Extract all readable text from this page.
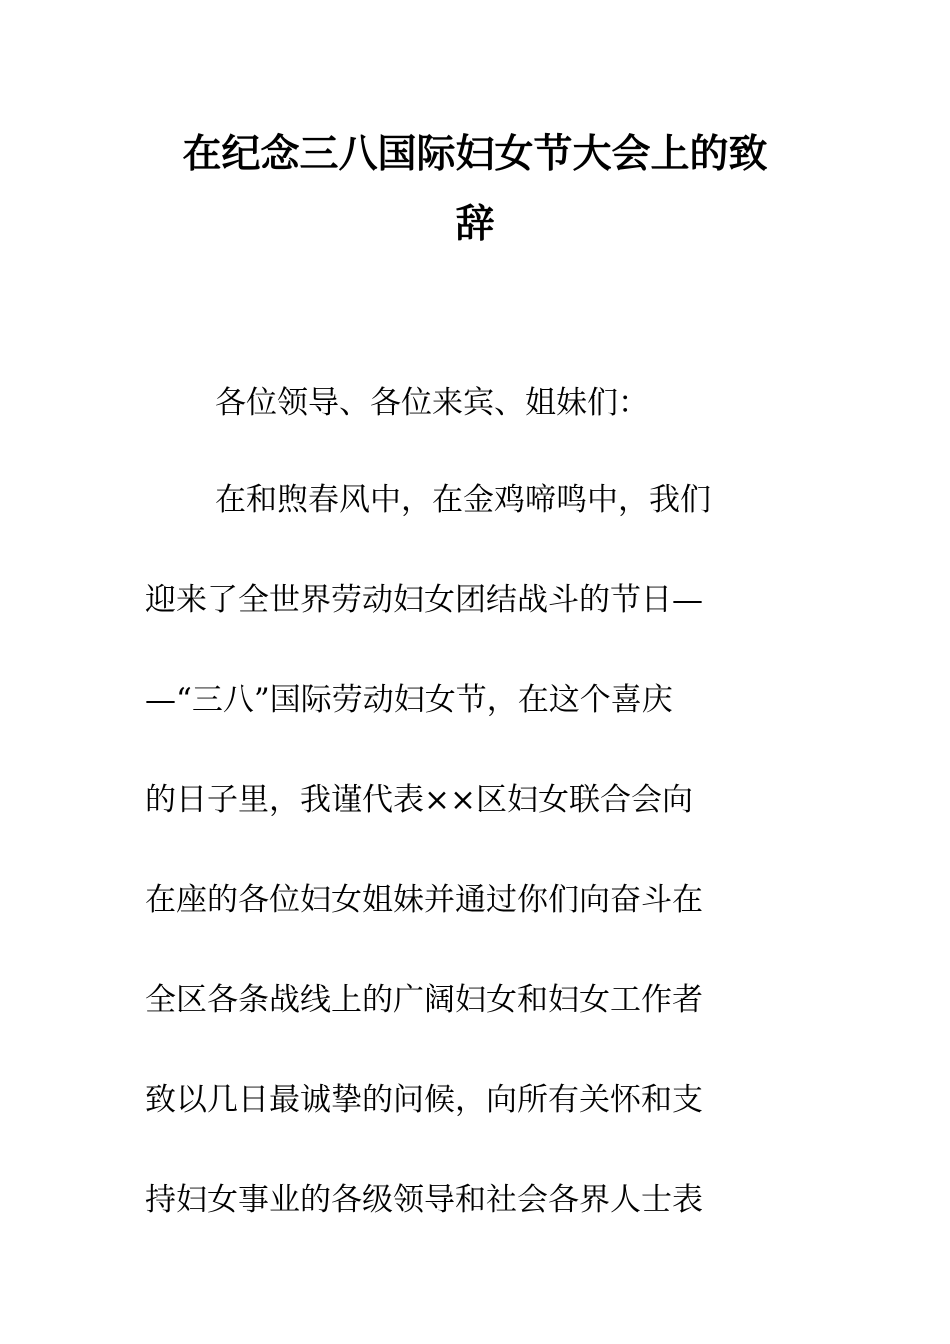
在纪念三八国际妇女节大会上的致
辞

各位领导、各位来宾、姐妹们：

在和煦春风中，在金鸡啼鸣中，我们
迎来了全世界劳动妇女团结战斗的节日—
—“三八”国际劳动妇女节，在这个喜庆
的日子里，我谨代表××区妇女联合会向
在座的各位妇女姐妹并通过你们向奋斗在
全区各条战线上的广阔妇女和妇女工作者
致以几日最诚挚的问候，向所有关怀和支
持妇女事业的各级领导和社会各界人士表
